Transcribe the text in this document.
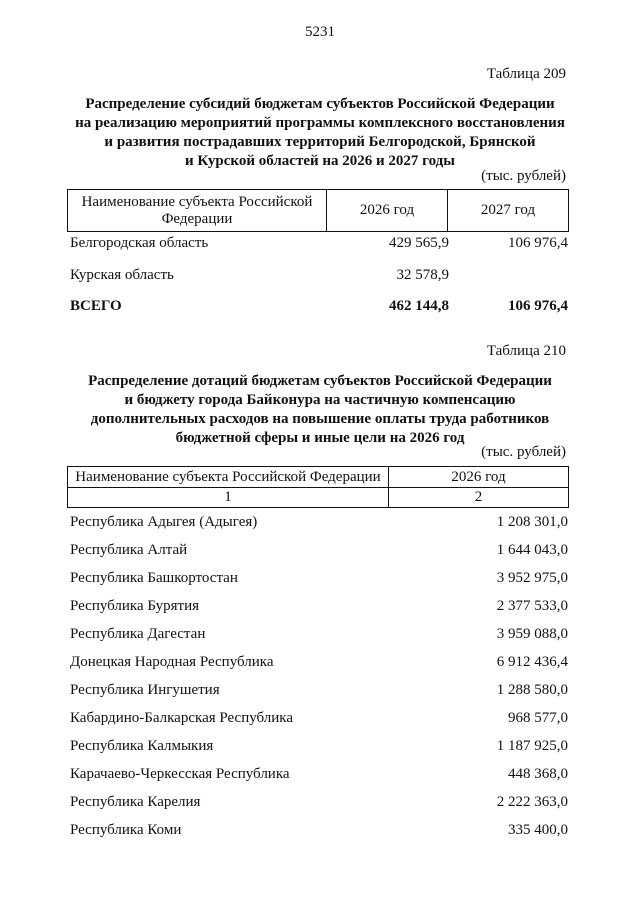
5231
Таблица 209
Распределение субсидий бюджетам субъектов Российской Федерации
на реализацию мероприятий программы комплексного восстановления
и развития пострадавших территорий Белгородской, Брянской
и Курской областей на 2026 и 2027 годы
(тыс. рублей)
Наименование субъекта Российской Федерации	2026 год	2027 год
Белгородская область	429 565,9	106 976,4
Курская область	32 578,9
ВСЕГО	462 144,8	106 976,4
Таблица 210
Распределение дотаций бюджетам субъектов Российской Федерации
и бюджету города Байконура на частичную компенсацию
дополнительных расходов на повышение оплаты труда работников
бюджетной сферы и иные цели на 2026 год
(тыс. рублей)
Наименование субъекта Российской Федерации	2026 год
1	2
Республика Адыгея (Адыгея)	1 208 301,0
Республика Алтай	1 644 043,0
Республика Башкортостан	3 952 975,0
Республика Бурятия	2 377 533,0
Республика Дагестан	3 959 088,0
Донецкая Народная Республика	6 912 436,4
Республика Ингушетия	1 288 580,0
Кабардино-Балкарская Республика	968 577,0
Республика Калмыкия	1 187 925,0
Карачаево-Черкесская Республика	448 368,0
Республика Карелия	2 222 363,0
Республика Коми	335 400,0
